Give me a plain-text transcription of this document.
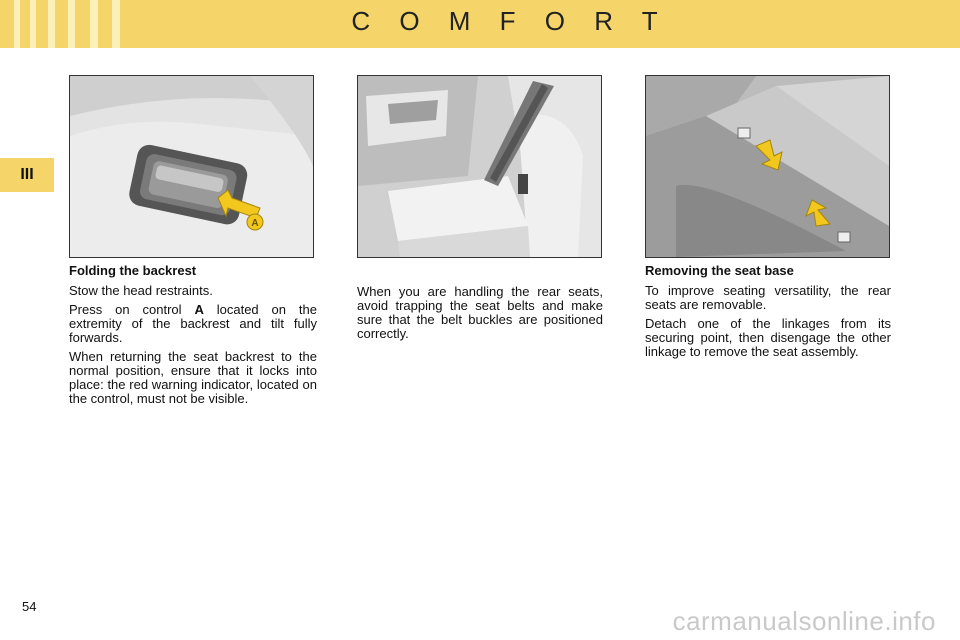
C O M F O R T
III
A
Folding the backrest

Stow the head restraints.

Press on control A located on the extremity of the backrest and tilt fully forwards.

When returning the seat backrest to the normal position, ensure that it locks into place: the red warning indicator, located on the control, must not be visible.

When you are handling the rear seats, avoid trapping the seat belts and make sure that the belt buckles are positioned correctly.

Removing the seat base

To improve seating versatility, the rear seats are removable.

Detach one of the linkages from its securing point, then disengage the other linkage to remove the seat assembly.

54	carmanualsonline.info
